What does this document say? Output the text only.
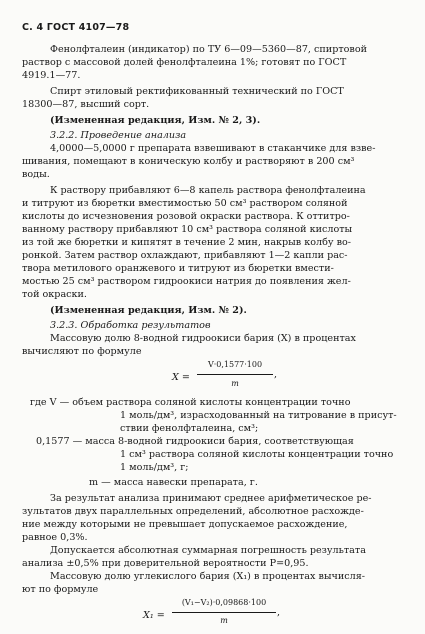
С. 4 ГОСТ 4107—78
Фенолфталеин (индикатор) по ТУ 6—09—5360—87, спиртовой
раствор с массовой долей фенолфталеина 1%; готовят по ГОСТ
4919.1—77.
Спирт этиловый ректификованный технический по ГОСТ
18300—87, высший сорт.
(Измененная редакция, Изм. № 2, 3).
3.2.2. Проведение анализа
4,0000—5,0000 г препарата взвешивают в стаканчике для взве-
шивания, помещают в коническую колбу и растворяют в 200 см³
воды.
К раствору прибавляют 6—8 капель раствора фенолфталеина
и титруют из бюретки вместимостью 50 см³ раствором соляной
кислоты до исчезновения розовой окраски раствора. К оттитро-
ванному раствору прибавляют 10 см³ раствора соляной кислоты
из той же бюретки и кипятят в течение 2 мин, накрыв колбу во-
ронкой. Затем раствор охлаждают, прибавляют 1—2 капли рас-
твора метилового оранжевого и титруют из бюретки вмести-
мостью 25 см³ раствором гидроокиси натрия до появления жел-
той окраски.
(Измененная редакция, Изм. № 2).
3.2.3. Обработка результатов
Массовую долю 8-водной гидроокиси бария (X) в процентах
вычисляют по формуле
X =
V·0,1577·100
m
,
где V — объем раствора соляной кислоты концентрации точно
1 моль/дм³, израсходованный на титрование в присут-
ствии фенолфталеина, см³;
0,1577 — масса 8-водной гидроокиси бария, соответствующая
1 см³ раствора соляной кислоты концентрации точно
1 моль/дм³, г;
m — масса навески препарата, г.
За результат анализа принимают среднее арифметическое ре-
зультатов двух параллельных определений, абсолютное расхожде-
ние между которыми не превышает допускаемое расхождение,
равное 0,3%.
Допускается абсолютная суммарная погрешность результата
анализа ±0,5% при доверительной вероятности P=0,95.
Массовую долю углекислого бария (X₁) в процентах вычисля-
ют по формуле
X₁ =
(V₁−V₂)·0,09868·100
m
,
